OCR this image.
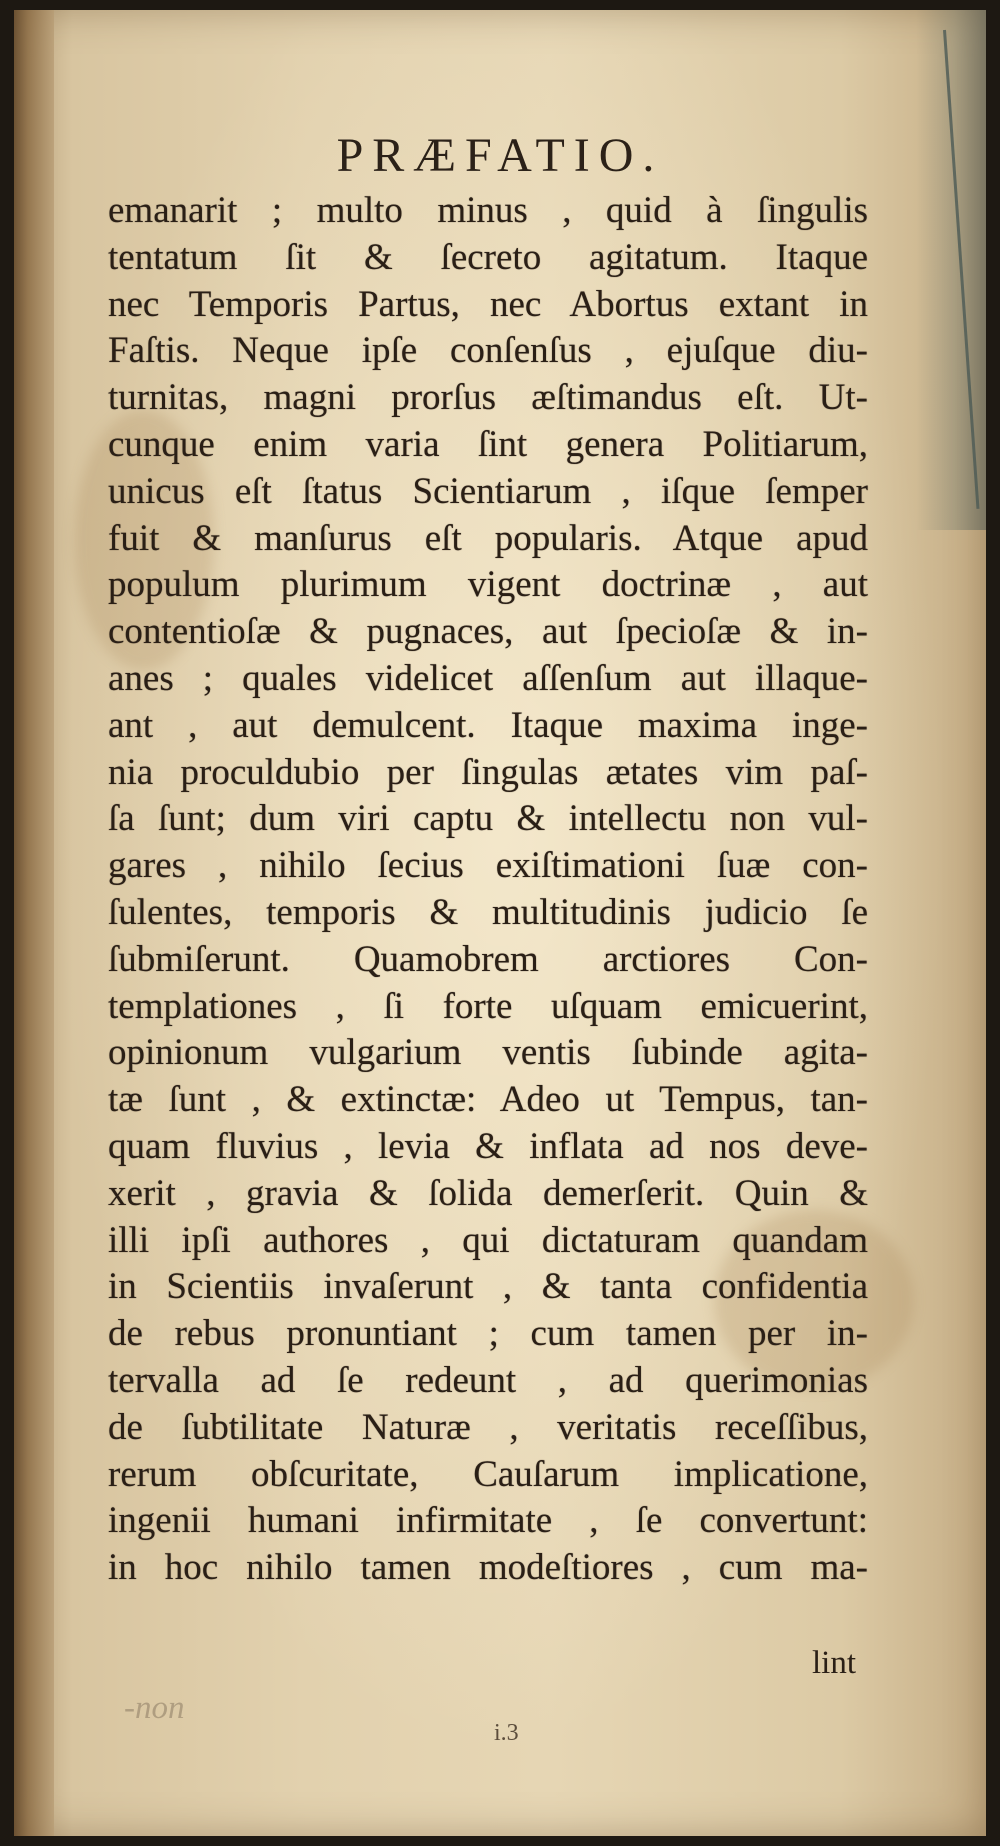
PRÆFATIO.
emanarit ; multo minus , quid à ſingulis
tentatum ſit & ſecreto agitatum. Itaque
nec Temporis Partus, nec Abortus extant in
Faſtis. Neque ipſe conſenſus , ejuſque diu-
turnitas, magni prorſus æſtimandus eſt. Ut-
cunque enim varia ſint genera Politiarum,
unicus eſt ſtatus Scientiarum , iſque ſemper
fuit & manſurus eſt popularis. Atque apud
populum plurimum vigent doctrinæ , aut
contentioſæ & pugnaces, aut ſpecioſæ & in-
anes ; quales videlicet aſſenſum aut illaque-
ant , aut demulcent. Itaque maxima inge-
nia proculdubio per ſingulas ætates vim paſ-
ſa ſunt; dum viri captu & intellectu non vul-
gares , nihilo ſecius exiſtimationi ſuæ con-
ſulentes, temporis & multitudinis judicio ſe
ſubmiſerunt. Quamobrem arctiores Con-
templationes , ſi forte uſquam emicuerint,
opinionum vulgarium ventis ſubinde agita-
tæ ſunt , & extinctæ: Adeo ut Tempus, tan-
quam fluvius , levia & inflata ad nos deve-
xerit , gravia & ſolida demerſerit. Quin &
illi ipſi authores , qui dictaturam quandam
in Scientiis invaſerunt , & tanta confidentia
de rebus pronuntiant ; cum tamen per in-
tervalla ad ſe redeunt , ad querimonias
de ſubtilitate Naturæ , veritatis receſſibus,
rerum obſcuritate, Cauſarum implicatione,
ingenii humani infirmitate , ſe convertunt:
in hoc nihilo tamen modeſtiores , cum ma-
lint
-non
i.3
